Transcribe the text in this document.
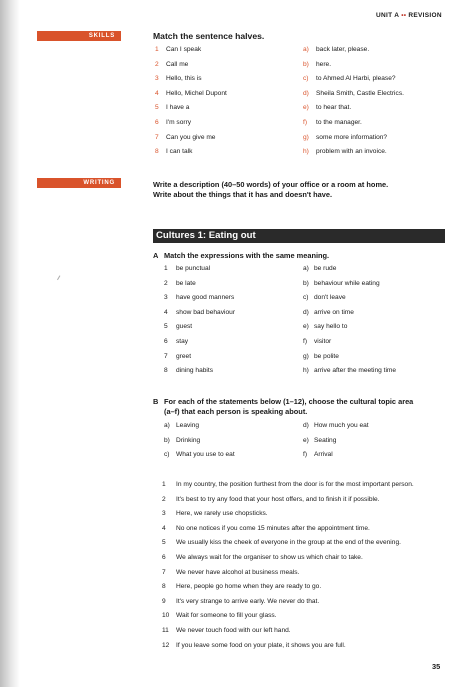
UNIT A •• REVISION
SKILLS	Match the sentence halves.
1 Can I speak
2 Call me
3 Hello, this is
4 Hello, Michel Dupont
5 I have a
6 I'm sorry
7 Can you give me
8 I can talk
a) back later, please.
b) here.
c) to Ahmed Al Harbi, please?
d) Sheila Smith, Castle Electrics.
e) to hear that.
f) to the manager.
g) some more information?
h) problem with an invoice.
WRITING	Write a description (40–50 words) of your office or a room at home.
Write about the things that it has and doesn't have.
Cultures 1: Eating out
A Match the expressions with the same meaning.
1 be punctual
2 be late
3 have good manners
4 show bad behaviour
5 guest
6 stay
7 greet
8 dining habits
a) be rude
b) behaviour while eating
c) don't leave
d) arrive on time
e) say hello to
f) visitor
g) be polite
h) arrive after the meeting time
B For each of the statements below (1–12), choose the cultural topic area
(a–f) that each person is speaking about.
a) Leaving
b) Drinking
c) What you use to eat
d) How much you eat
e) Seating
f) Arrival
1 In my country, the position furthest from the door is for the most important person.
2 It's best to try any food that your host offers, and to finish it if possible.
3 Here, we rarely use chopsticks.
4 No one notices if you come 15 minutes after the appointment time.
5 We usually kiss the cheek of everyone in the group at the end of the evening.
6 We always wait for the organiser to show us which chair to take.
7 We never have alcohol at business meals.
8 Here, people go home when they are ready to go.
9 It's very strange to arrive early. We never do that.
10 Wait for someone to fill your glass.
11 We never touch food with our left hand.
12 If you leave some food on your plate, it shows you are full.
35
